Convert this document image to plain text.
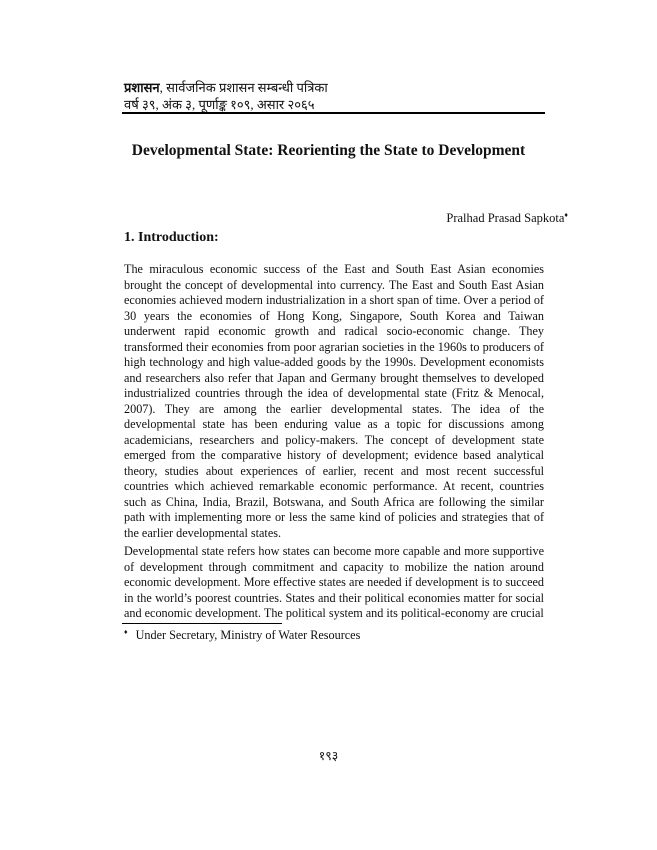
प्रशासन, सार्वजनिक प्रशासन सम्बन्धी पत्रिका
वर्ष ३९, अंक ३, पूर्णाङ्क १०९, असार २०६५
Developmental State: Reorienting the State to Development
Pralhad Prasad Sapkota♦
1. Introduction:
The miraculous economic success of the East and South East Asian economies brought the concept of developmental into currency. The East and South East Asian economies achieved modern industrialization in a short span of time. Over a period of 30 years the economies of Hong Kong, Singapore, South Korea and Taiwan underwent rapid economic growth and radical socio-economic change. They transformed their economies from poor agrarian societies in the 1960s to producers of high technology and high value-added goods by the 1990s. Development economists and researchers also refer that Japan and Germany brought themselves to developed industrialized countries through the idea of developmental state (Fritz & Menocal, 2007). They are among the earlier developmental states. The idea of the developmental state has been enduring value as a topic for discussions among academicians, researchers and policy-makers. The concept of development state emerged from the comparative history of development; evidence based analytical theory, studies about experiences of earlier, recent and most recent successful countries which achieved remarkable economic performance. At recent, countries such as China, India, Brazil, Botswana, and South Africa are following the similar path with implementing more or less the same kind of policies and strategies that of the earlier developmental states.
Developmental state refers how states can become more capable and more supportive of development through commitment and capacity to mobilize the nation around economic development. More effective states are needed if development is to succeed in the world’s poorest countries. States and their political economies matter for social and economic development. The political system and its political-economy are crucial
♦ Under Secretary, Ministry of Water Resources
१९३
